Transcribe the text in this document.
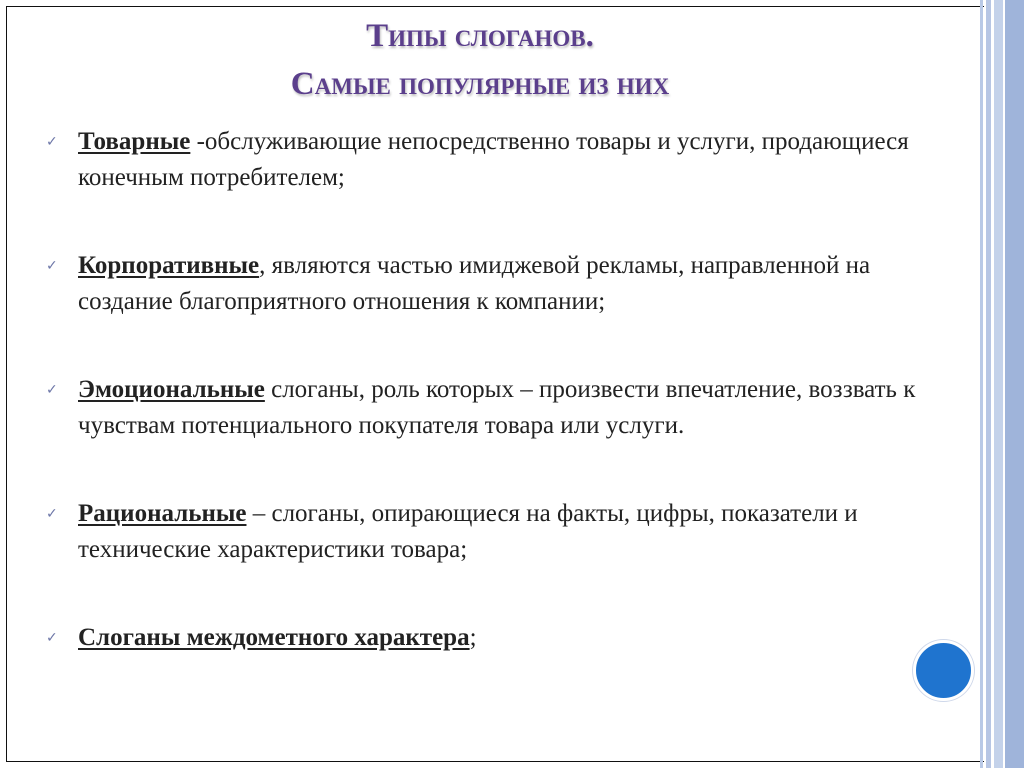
Типы слоганов.
Самые популярные из них
✓ Товарные -обслуживающие непосредственно товары и услуги, продающиеся конечным потребителем;
✓ Корпоративные, являются частью имиджевой рекламы, направленной на создание благоприятного отношения к компании;
✓ Эмоциональные слоганы, роль которых – произвести впечатление, воззвать к чувствам потенциального покупателя товара или услуги.
✓ Рациональные – слоганы, опирающиеся на факты, цифры, показатели и технические характеристики товара;
✓ Слоганы междометного характера;
